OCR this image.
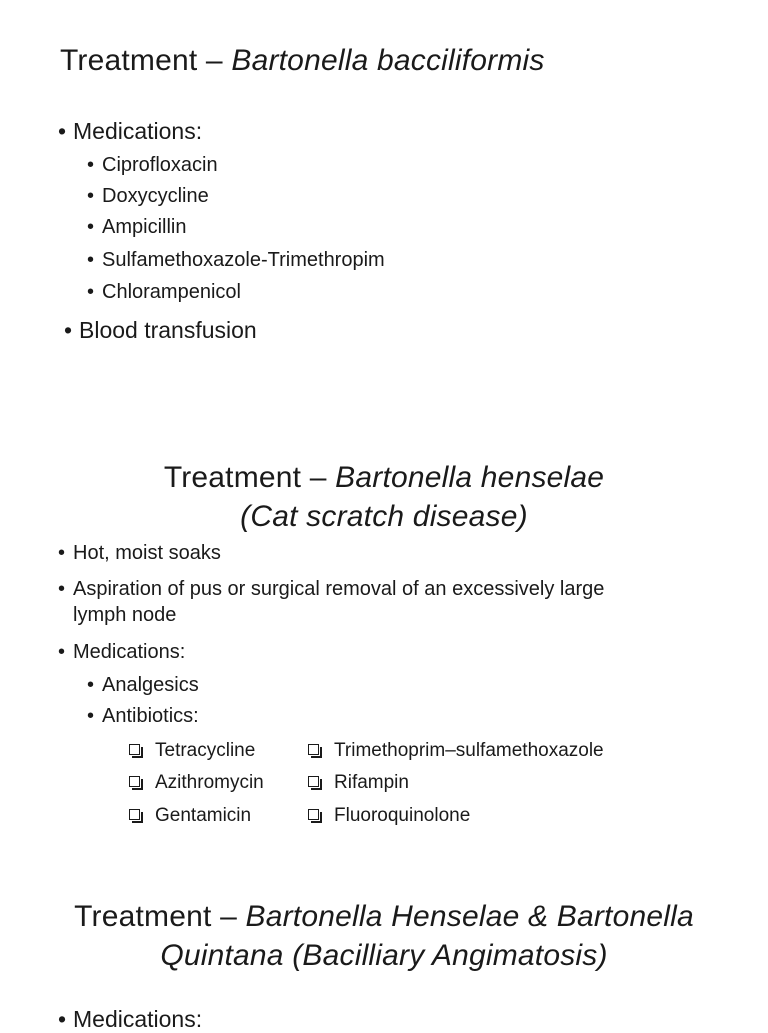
Treatment – Bartonella bacciliformis
• Medications:
• Ciprofloxacin
• Doxycycline
• Ampicillin
• Sulfamethoxazole-Trimethropim
• Chlorampenicol
• Blood transfusion
Treatment – Bartonella henselae
(Cat scratch disease)
• Hot, moist soaks
• Aspiration of pus or surgical removal of an excessively large
lymph node
• Medications:
• Analgesics
• Antibiotics:
Tetracycline
Azithromycin
Gentamicin
Trimethoprim–sulfamethoxazole
Rifampin
Fluoroquinolone
Treatment – Bartonella Henselae & Bartonella
Quintana (Bacilliary Angimatosis)
• Medications:
